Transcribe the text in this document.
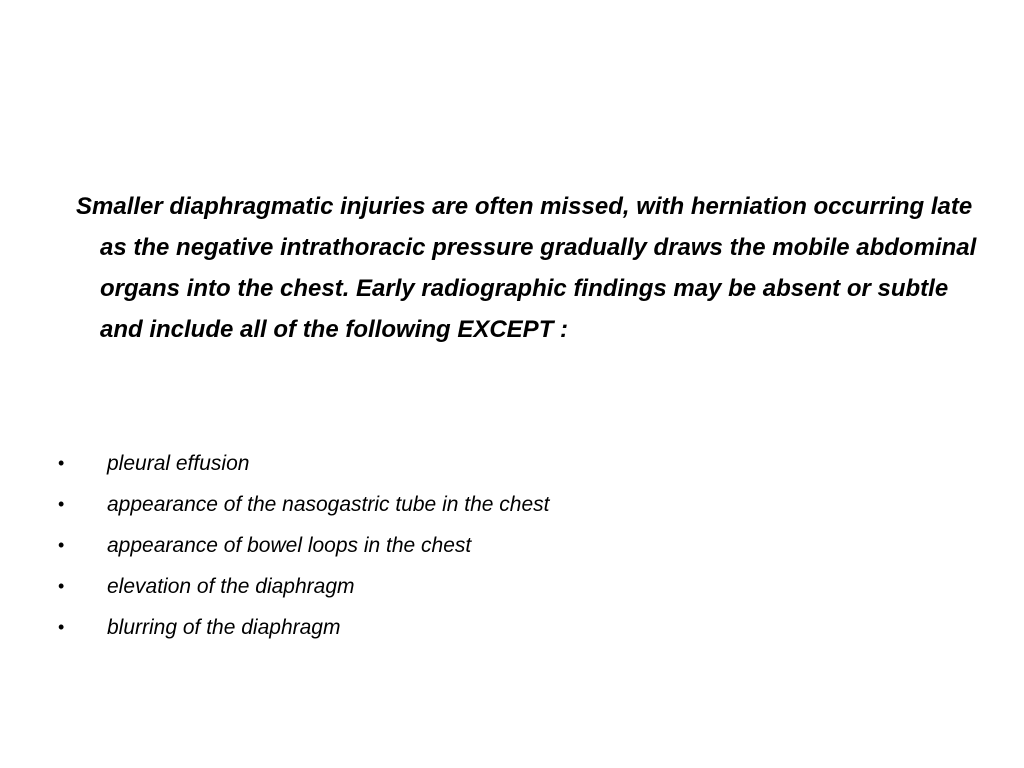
Smaller diaphragmatic injuries are often missed, with herniation occurring late as the negative intrathoracic pressure gradually draws the mobile abdominal organs into the chest. Early radiographic findings may be absent or subtle and include all of the following EXCEPT :

•	pleural effusion
•	appearance of the nasogastric tube in the chest
•	appearance of bowel loops in the chest
•	elevation of the diaphragm
•	blurring of the diaphragm
